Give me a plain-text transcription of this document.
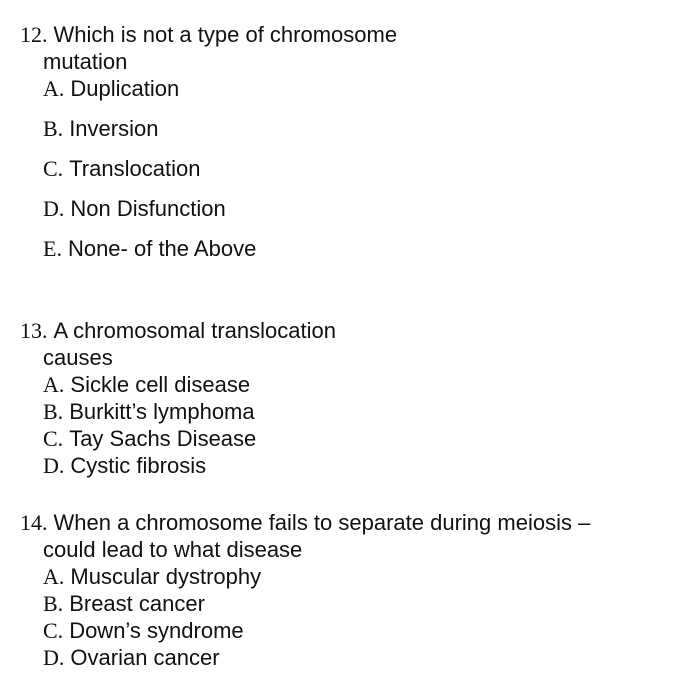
12. Which is not a type of chromosome
mutation
A. Duplication
B. Inversion
C. Translocation
D. Non Disfunction
E. None- of the Above
13. A chromosomal translocation
causes
A. Sickle cell disease
B. Burkitt’s lymphoma
C. Tay Sachs Disease
D. Cystic fibrosis
14. When a chromosome fails to separate during meiosis –
could lead to what disease
A. Muscular dystrophy
B. Breast cancer
C. Down’s syndrome
D. Ovarian cancer
